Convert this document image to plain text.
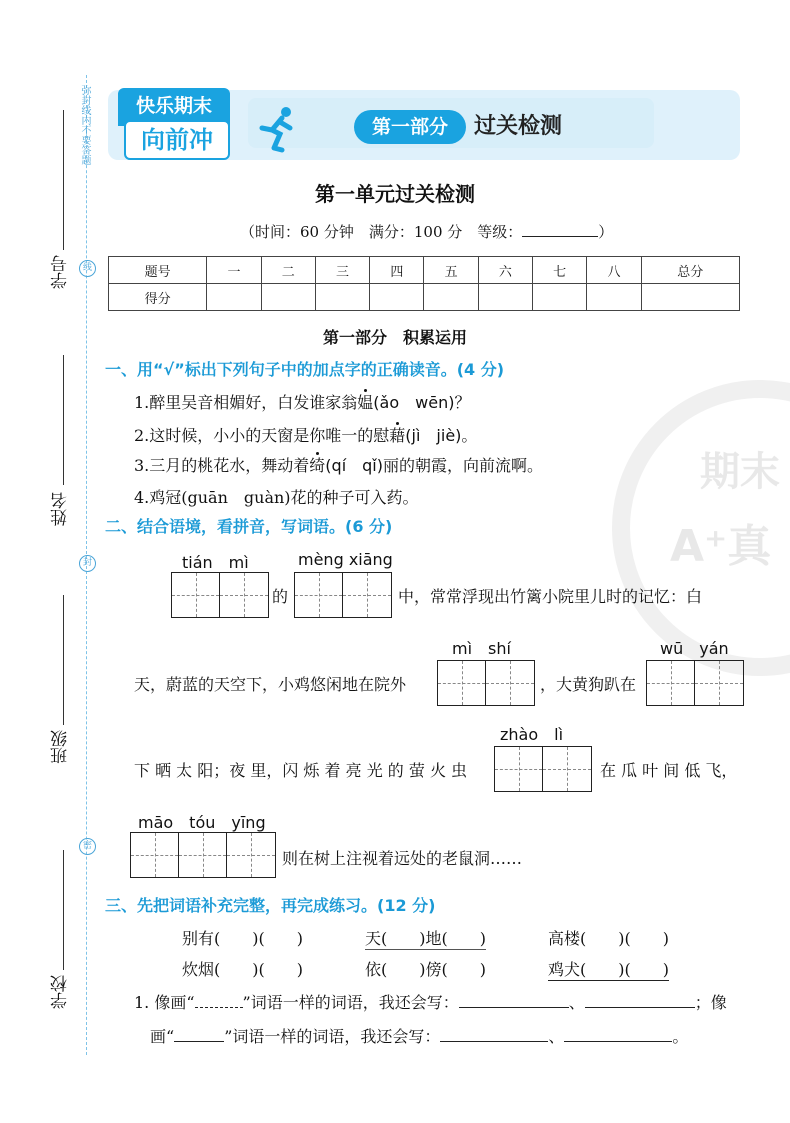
期末
A⁺真
快乐期末
向前冲	第一部分	过关检测
弥封线内不要答题
线
封
密
学号
姓名
班级
学校
第一单元过关检测
（时间：60 分钟　满分：100 分　等级：	）
题号	一	二	三	四	五	六	七	八	总分
得分									
第一部分　积累运用
一、用“√”标出下列句子中的加点字的正确读音。(4 分)
1.醉里吴音相媚好，白发谁家翁媪(ǎo　wēn)？
2.这时候，小小的天窗是你唯一的慰藉(jì　jiè)。
3.三月的桃花水，舞动着绮(qí　qǐ)丽的朝霞，向前流啊。
4.鸡冠(guān　guàn)花的种子可入药。
二、结合语境，看拼音，写词语。(6 分)
tián　mì
的
mèng xiāng
中，常常浮现出竹篱小院里儿时的记忆：白
mì　shí
天，蔚蓝的天空下，小鸡悠闲地在院外	，大黄狗趴在
wū　yán
zhào　lì
下 晒 太 阳；夜 里，闪 烁 着 亮 光 的 萤 火 虫	在 瓜 叶 间 低 飞，
māo　tóu　yīng
则在树上注视着远处的老鼠洞……
三、先把词语补充完整，再完成练习。(12 分)
别有(　　)(　　)	天(　　)地(　　)	高楼(　　)(　　)
炊烟(　　)(　　)	依(　　)傍(　　)	鸡犬(　　)(　　)
1. 像画“	”词语一样的词语，我还会写：	、	；像
画“	”词语一样的词语，我还会写：	、	。
